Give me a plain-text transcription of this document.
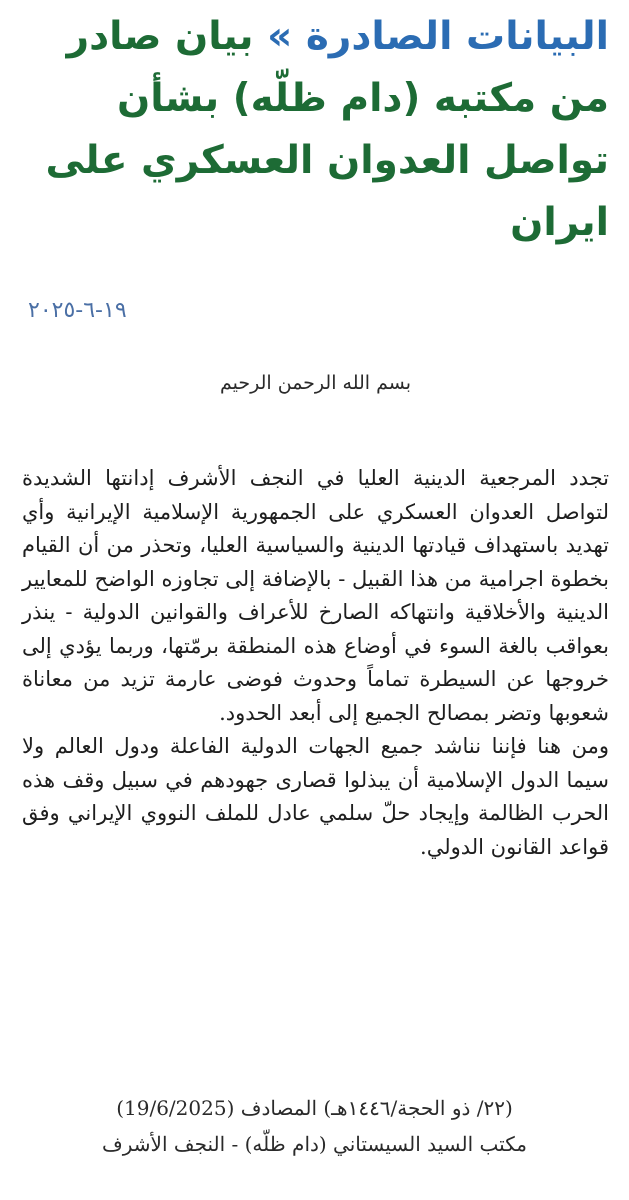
البيانات الصادرة » بيان صادر من مكتبه (دام ظلّه) بشأن تواصل العدوان العسكري على ايران
١٩-٦-٢٠٢٥
بسم الله الرحمن الرحيم

تجدد المرجعية الدينية العليا في النجف الأشرف إدانتها الشديدة لتواصل العدوان العسكري على الجمهورية الإسلامية الإيرانية وأي تهديد باستهداف قيادتها الدينية والسياسية العليا، وتحذر من أن القيام بخطوة اجرامية من هذا القبيل - بالإضافة إلى تجاوزه الواضح للمعايير الدينية والأخلاقية وانتهاكه الصارخ للأعراف والقوانين الدولية - ينذر بعواقب بالغة السوء في أوضاع هذه المنطقة برمّتها، وربما يؤدي إلى خروجها عن السيطرة تماماً وحدوث فوضى عارمة تزيد من معاناة شعوبها وتضر بمصالح الجميع إلى أبعد الحدود.

ومن هنا فإننا نناشد جميع الجهات الدولية الفاعلة ودول العالم ولا سيما الدول الإسلامية أن يبذلوا قصارى جهودهم في سبيل وقف هذه الحرب الظالمة وإيجاد حلّ سلمي عادل للملف النووي الإيراني وفق قواعد القانون الدولي.

(٢٢/ ذو الحجة/١٤٤٦هـ) المصادف (19/6/2025)
مكتب السيد السيستاني (دام ظلّه) - النجف الأشرف
